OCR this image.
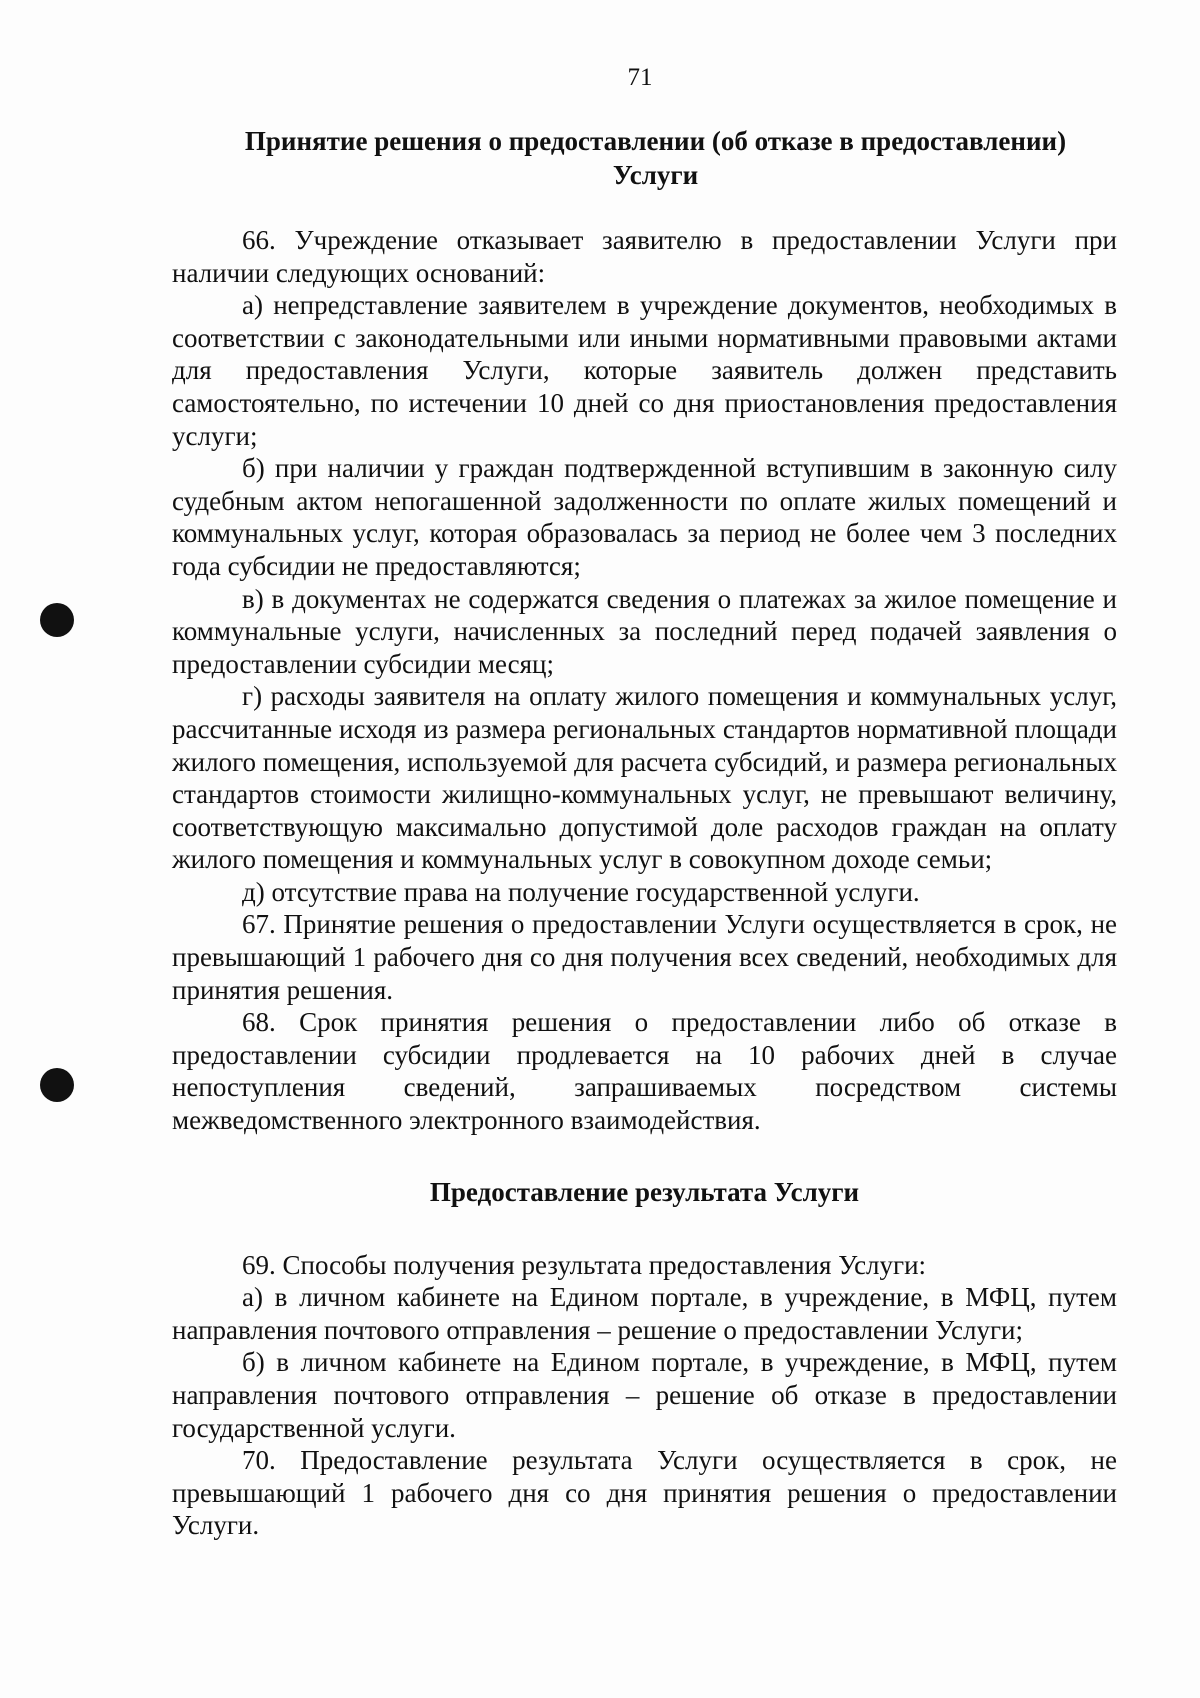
71
Принятие решения о предоставлении (об отказе в предоставлении)
Услуги

66. Учреждение отказывает заявителю в предоставлении Услуги при наличии следующих оснований:

а) непредставление заявителем в учреждение документов, необходимых в соответствии с законодательными или иными нормативными правовыми актами для предоставления Услуги, которые заявитель должен представить самостоятельно, по истечении 10 дней со дня приостановления предоставления услуги;

б) при наличии у граждан подтвержденной вступившим в законную силу судебным актом непогашенной задолженности по оплате жилых помещений и коммунальных услуг, которая образовалась за период не более чем 3 последних года субсидии не предоставляются;

в) в документах не содержатся сведения о платежах за жилое помещение и коммунальные услуги, начисленных за последний перед подачей заявления о предоставлении субсидии месяц;

г) расходы заявителя на оплату жилого помещения и коммунальных услуг, рассчитанные исходя из размера региональных стандартов нормативной площади жилого помещения, используемой для расчета субсидий, и размера региональных стандартов стоимости жилищно-коммунальных услуг, не превышают величину, соответствующую максимально допустимой доле расходов граждан на оплату жилого помещения и коммунальных услуг в совокупном доходе семьи;

д) отсутствие права на получение государственной услуги.

67. Принятие решения о предоставлении Услуги осуществляется в срок, не превышающий 1 рабочего дня со дня получения всех сведений, необходимых для принятия решения.

68. Срок принятия решения о предоставлении либо об отказе в предоставлении субсидии продлевается на 10 рабочих дней в случае непоступления сведений, запрашиваемых посредством системы межведомственного электронного взаимодействия.

Предоставление результата Услуги

69. Способы получения результата предоставления Услуги:

а) в личном кабинете на Едином портале, в учреждение, в МФЦ, путем направления почтового отправления – решение о предоставлении Услуги;

б) в личном кабинете на Едином портале, в учреждение, в МФЦ, путем направления почтового отправления – решение об отказе в предоставлении государственной услуги.

70. Предоставление результата Услуги осуществляется в срок, не превышающий 1 рабочего дня со дня принятия решения о предоставлении Услуги.
